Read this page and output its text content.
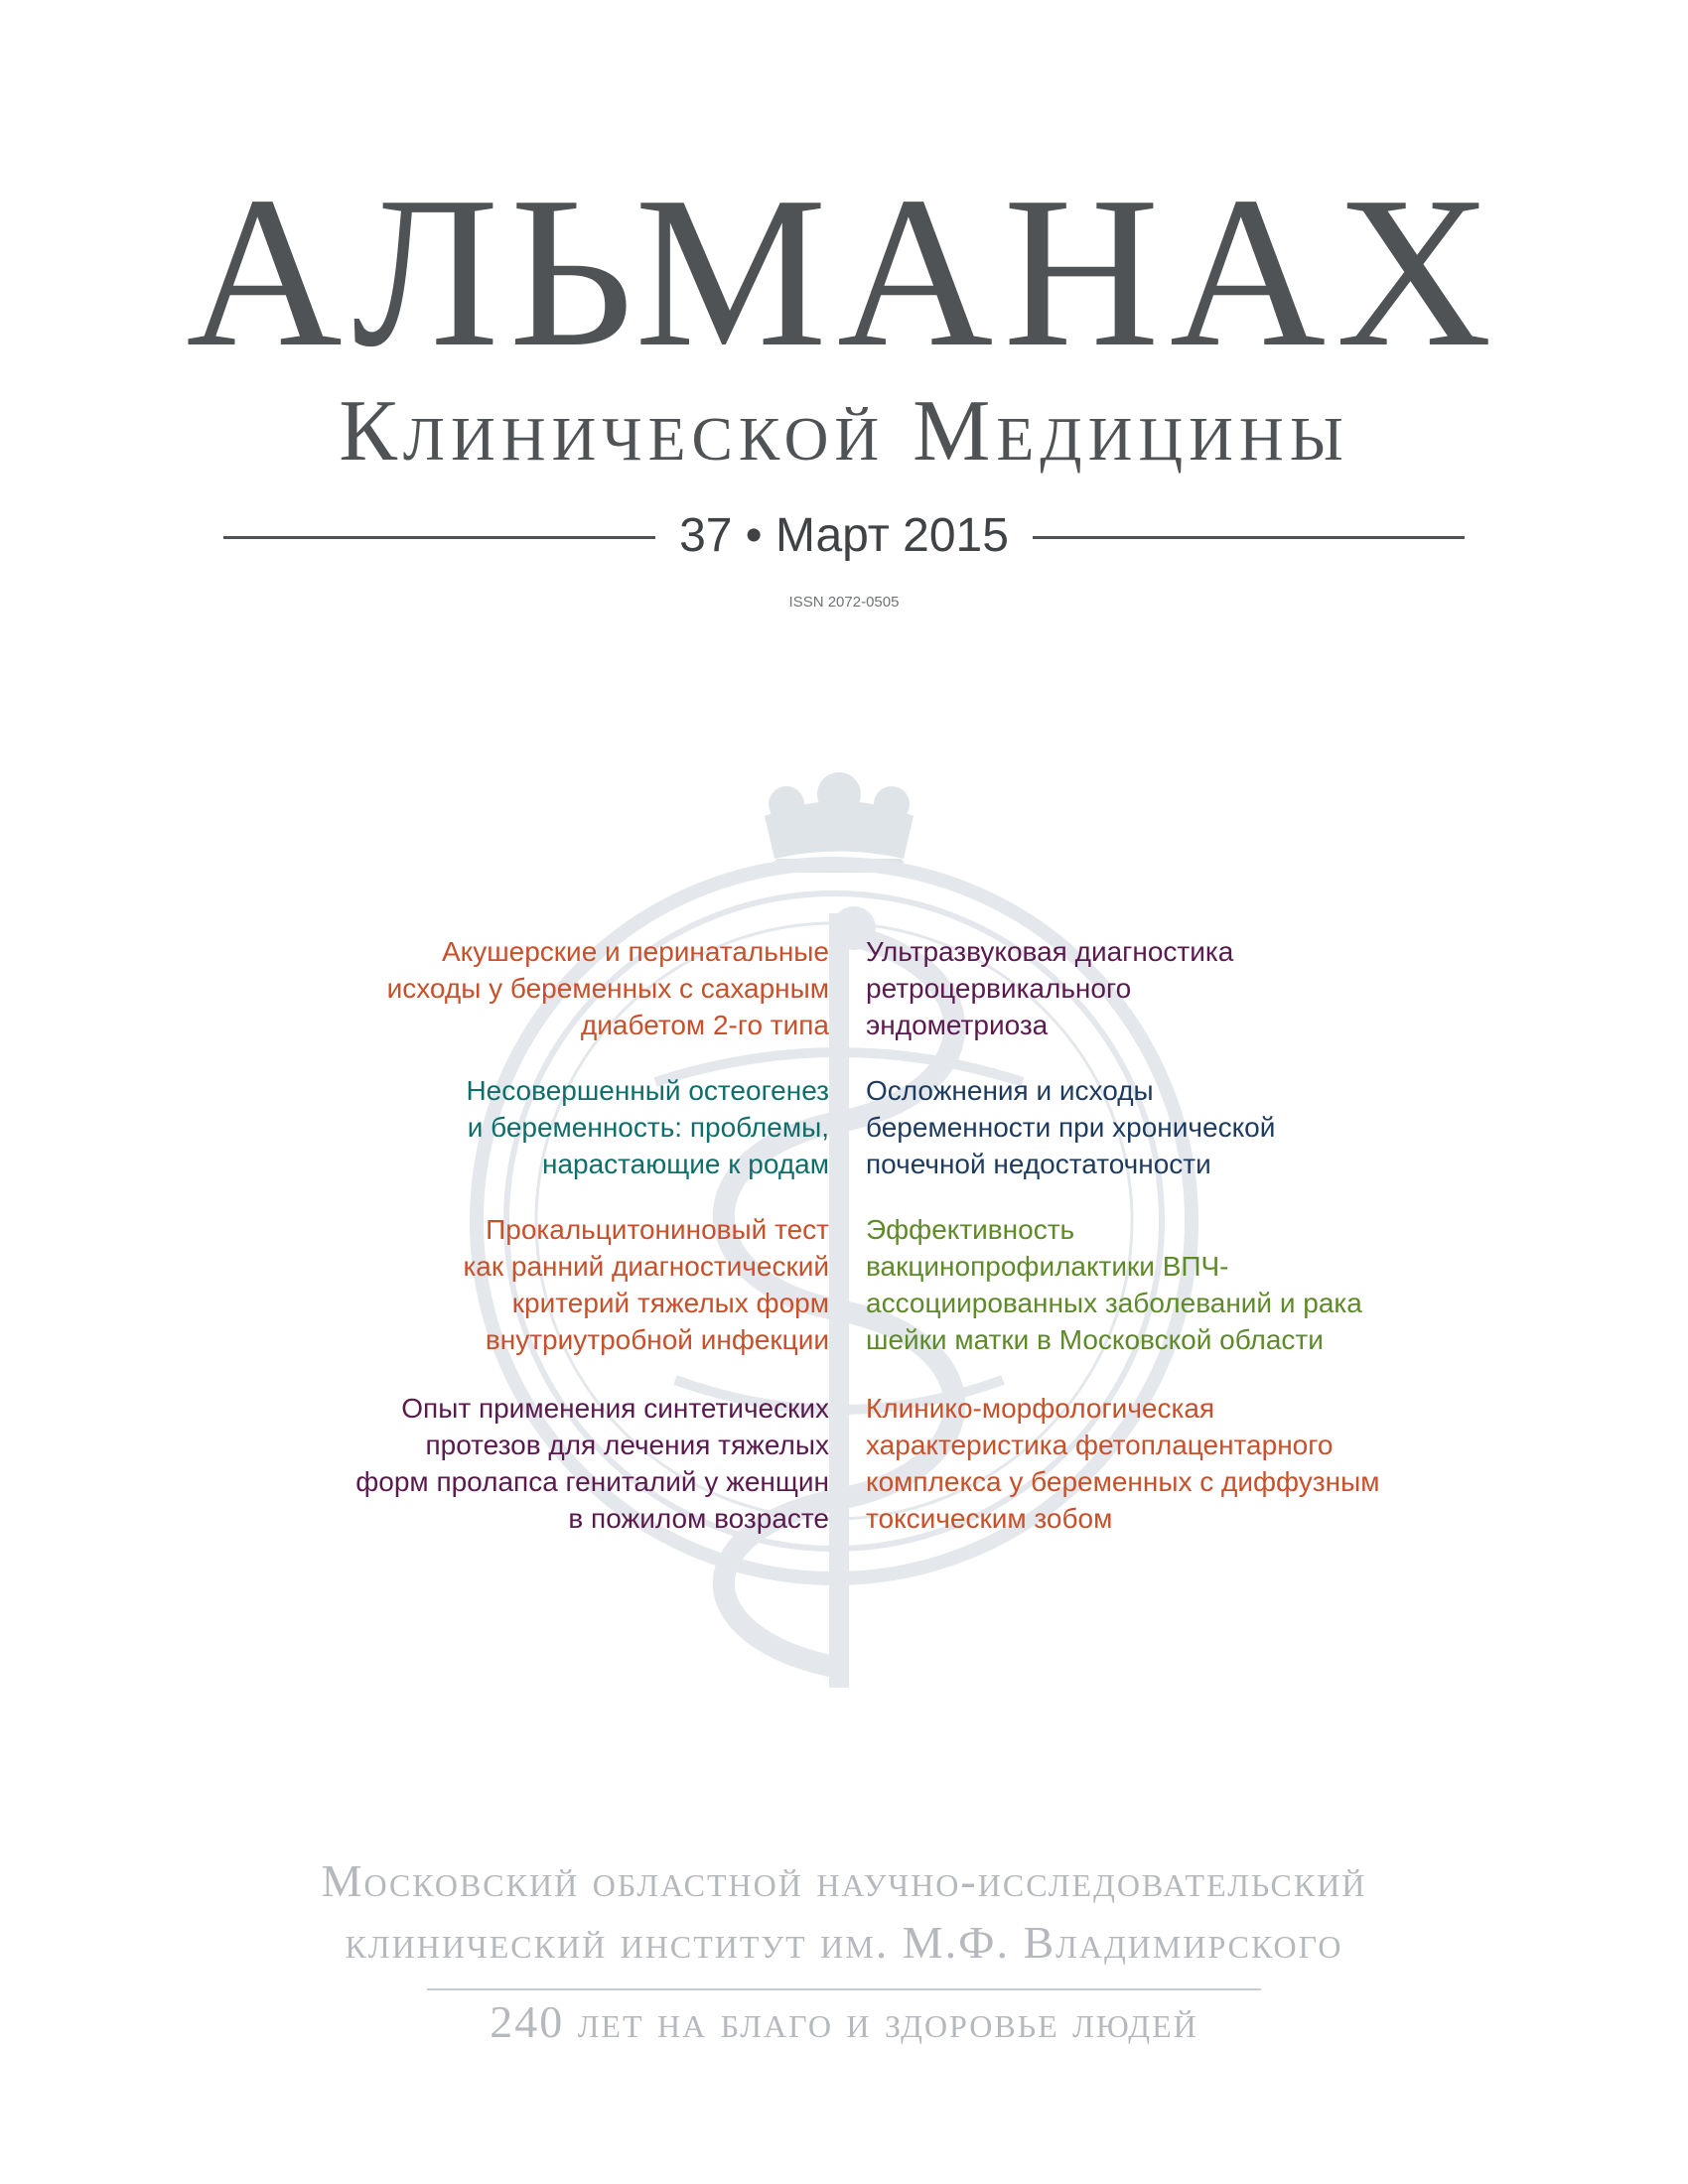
АЛЬМАНАХ
Клинической Медицины
37 • Март 2015
ISSN 2072-0505
Акушерские и перинатальные
исходы у беременных с сахарным
диабетом 2-го типа
Несовершенный остеогенез
и беременность: проблемы,
нарастающие к родам
Прокальцитониновый тест
как ранний диагностический
критерий тяжелых форм
внутриутробной инфекции
Опыт применения синтетических
протезов для лечения тяжелых
форм пролапса гениталий у женщин
в пожилом возрасте
Ультразвуковая диагностика
ретроцервикального
эндометриоза
Осложнения и исходы
беременности при хронической
почечной недостаточности
Эффективность
вакцинопрофилактики ВПЧ-
ассоциированных заболеваний и рака
шейки матки в Московской области
Клинико-морфологическая
характеристика фетоплацентарного
комплекса у беременных с диффузным
токсическим зобом
Московский областной научно-исследовательский
клинический институт им. М.Ф. Владимирского
240 лет на благо и здоровье людей
